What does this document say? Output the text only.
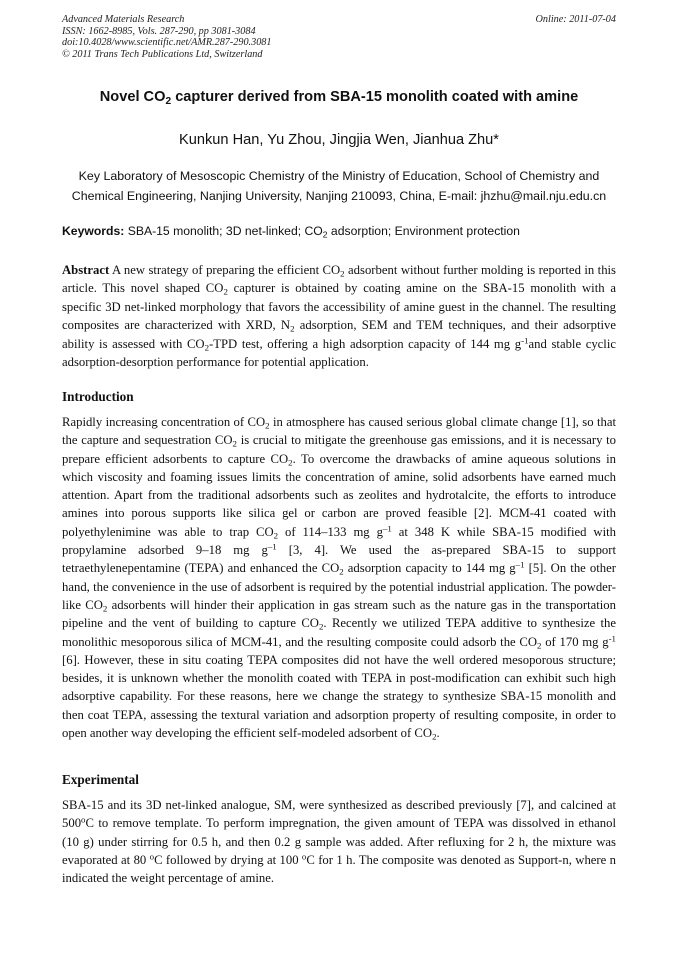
Advanced Materials Research
ISSN: 1662-8985, Vols. 287-290, pp 3081-3084
doi:10.4028/www.scientific.net/AMR.287-290.3081
© 2011 Trans Tech Publications Ltd, Switzerland
Online: 2011-07-04
Novel $CO_2$ capturer derived from SBA-15 monolith coated with amine
Kunkun Han, Yu Zhou, Jingjia Wen, Jianhua Zhu*
Key Laboratory of Mesoscopic Chemistry of the Ministry of Education, School of Chemistry and
Chemical Engineering, Nanjing University, Nanjing 210093, China, E-mail: jhzhu@mail.nju.edu.cn
Keywords: SBA-15 monolith; 3D net-linked; $CO_2$ adsorption; Environment protection

Abstract A new strategy of preparing the efficient $CO_2$ adsorbent without further molding is reported in this article. This novel shaped $CO_2$ capturer is obtained by coating amine on the SBA-15 monolith with a specific 3D net-linked morphology that favors the accessibility of amine guest in the channel. The resulting composites are characterized with XRD, $N_2$ adsorption, SEM and TEM techniques, and their adsorptive ability is assessed with $CO_2$-TPD test, offering a high adsorption capacity of 144 mg $g^{-1}and$ stable cyclic adsorption-desorption performance for potential application.

Introduction

Rapidly increasing concentration of $CO_2$ in atmosphere has caused serious global climate change [1], so that the capture and sequestration $CO_2$ is crucial to mitigate the greenhouse gas emissions, and it is necessary to prepare efficient adsorbents to capture $CO_2$. To overcome the drawbacks of amine aqueous solutions in which viscosity and foaming issues limits the concentration of amine, solid adsorbents have earned much attention. Apart from the traditional adsorbents such as zeolites and hydrotalcite, the efforts to introduce amines into porous supports like silica gel or carbon are proved feasible [2]. MCM-41 coated with polyethylenimine was able to trap $CO_2$ of 114–133 mg $g^{-1}$ at 348 K while SBA-15 modified with propylamine adsorbed 9–18 mg $g^{-1}$ [3, 4]. We used the as-prepared SBA-15 to support tetraethylenepentamine (TEPA) and enhanced the $CO_2$ adsorption capacity to 144 mg $g^{-1}$ [5]. On the other hand, the convenience in the use of adsorbent is required by the potential industrial application. The powder-like $CO_2$ adsorbents will hinder their application in gas stream such as the nature gas in the transportation pipeline and the vent of building to capture $CO_2$. Recently we utilized TEPA additive to synthesize the monolithic mesoporous silica of MCM-41, and the resulting composite could adsorb the $CO_2$ of 170 mg $g^{-1}$ [6]. However, these in situ coating TEPA composites did not have the well ordered mesoporous structure; besides, it is unknown whether the monolith coated with TEPA in post-modification can exhibit such high adsorptive capability. For these reasons, here we change the strategy to synthesize SBA-15 monolith and then coat TEPA, assessing the textural variation and adsorption property of resulting composite, in order to open another way developing the efficient self-modeled adsorbent of $CO_2$.

Experimental

SBA-15 and its 3D net-linked analogue, SM, were synthesized as described previously [7], and calcined at 500$^o$C to remove template. To perform impregnation, the given amount of TEPA was dissolved in ethanol (10 g) under stirring for 0.5 h, and then 0.2 g sample was added. After refluxing for 2 h, the mixture was evaporated at 80 $^o$C followed by drying at 100 $^o$C for 1 h. The composite was denoted as Support-n, where n indicated the weight percentage of amine.
